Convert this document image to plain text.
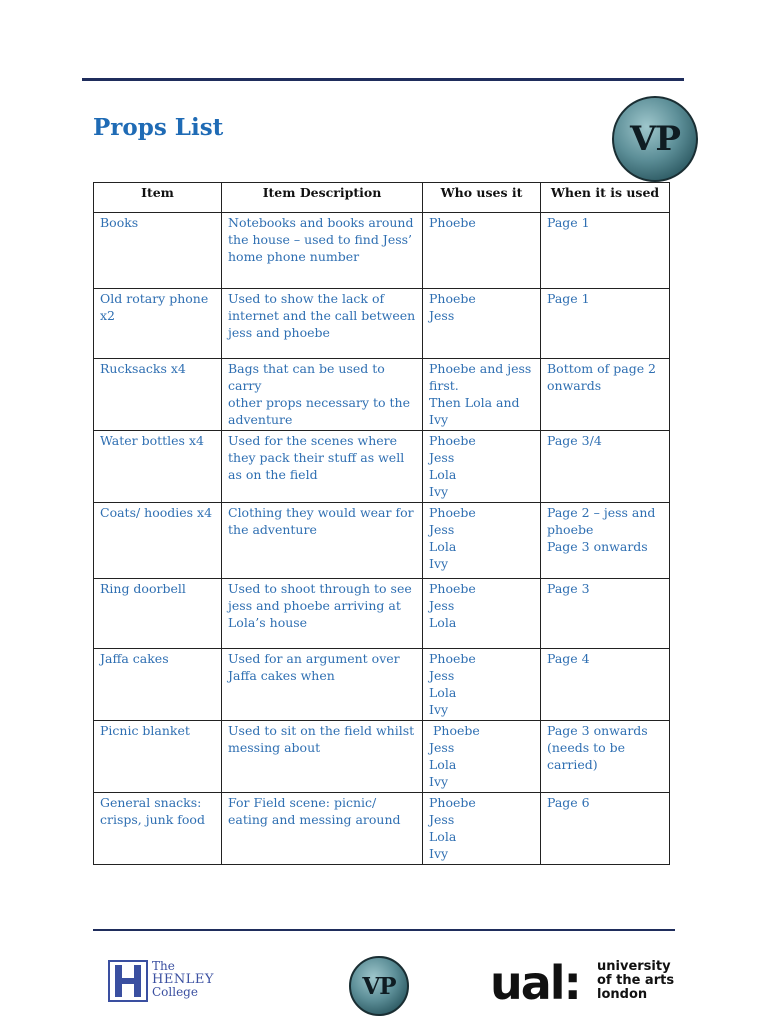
Props List	VP
Item	Item Description	Who uses it	When it is used

Books	Notebooks and books around
the house – used to find Jess’
home phone number	Phoebe	Page 1

Old rotary phone
x2	Used to show the lack of
internet and the call between
jess and phoebe	Phoebe
Jess	Page 1

Rucksacks x4	Bags that can be used to carry
other props necessary to the
adventure	Phoebe and jess
first.
Then Lola and
Ivy	Bottom of page 2
onwards

Water bottles x4	Used for the scenes where
they pack their stuff as well
as on the field	Phoebe
Jess
Lola
Ivy	Page 3/4

Coats/ hoodies x4	Clothing they would wear for
the adventure	Phoebe
Jess
Lola
Ivy	Page 2 – jess and
phoebe
Page 3 onwards

Ring doorbell	Used to shoot through to see
jess and phoebe arriving at
Lola’s house	Phoebe
Jess
Lola	Page 3

Jaffa cakes	Used for an argument over
Jaffa cakes when	Phoebe
Jess
Lola
Ivy	Page 4

Picnic blanket	Used to sit on the field whilst
messing about	Phoebe
Jess
Lola
Ivy	Page 3 onwards
(needs to be
carried)

General snacks:
crisps, junk food	For Field scene: picnic/
eating and messing around	Phoebe
Jess
Lola
Ivy	Page 6
The
HENLEY
College	VP ual: university
of the arts
london
